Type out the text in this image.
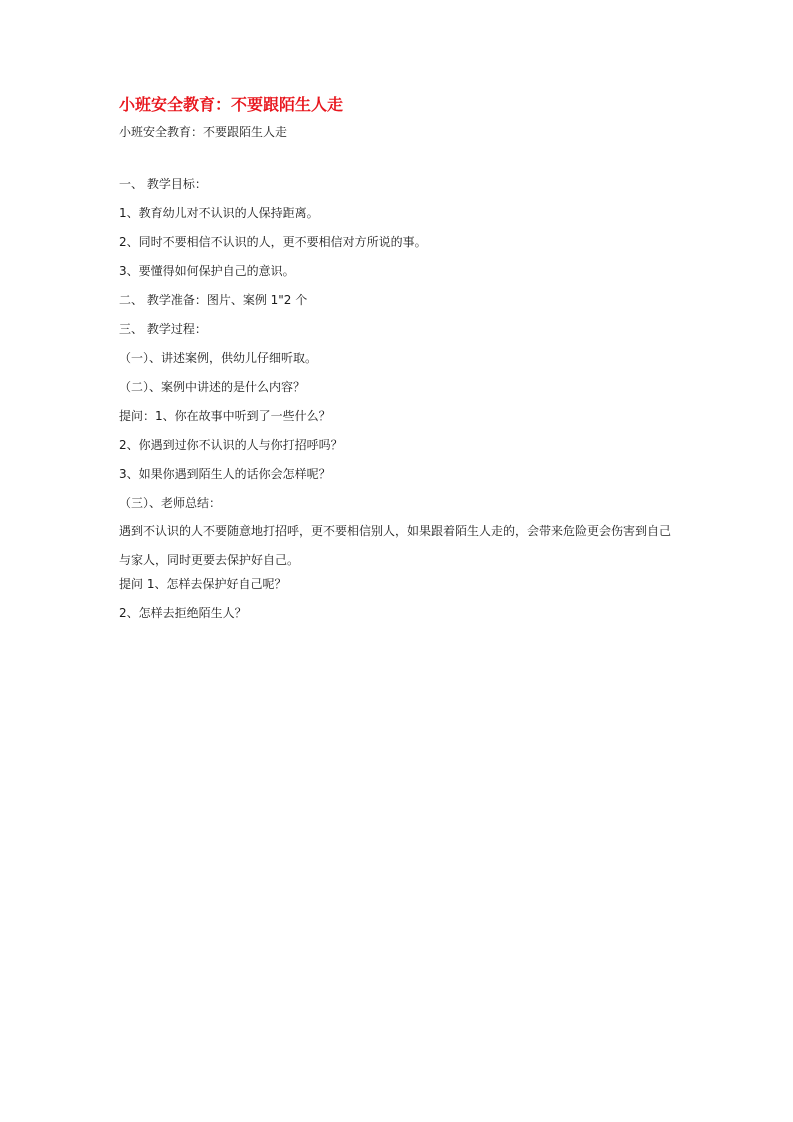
小班安全教育：不要跟陌生人走

小班安全教育：不要跟陌生人走

一、 教学目标：
1、教育幼儿对不认识的人保持距离。
2、同时不要相信不认识的人，更不要相信对方所说的事。
3、要懂得如何保护自己的意识。
二、 教学准备：图片、案例 1"2 个
三、 教学过程：
（一）、讲述案例，供幼儿仔细听取。
（二）、案例中讲述的是什么内容？
提问：1、你在故事中听到了一些什么？
2、你遇到过你不认识的人与你打招呼吗？
3、如果你遇到陌生人的话你会怎样呢？
（三）、老师总结：
遇到不认识的人不要随意地打招呼，更不要相信别人，如果跟着陌生人走的，会带来危险更会伤害到自己与家人，同时更要去保护好自己。
提问 1、怎样去保护好自己呢？
2、怎样去拒绝陌生人？
